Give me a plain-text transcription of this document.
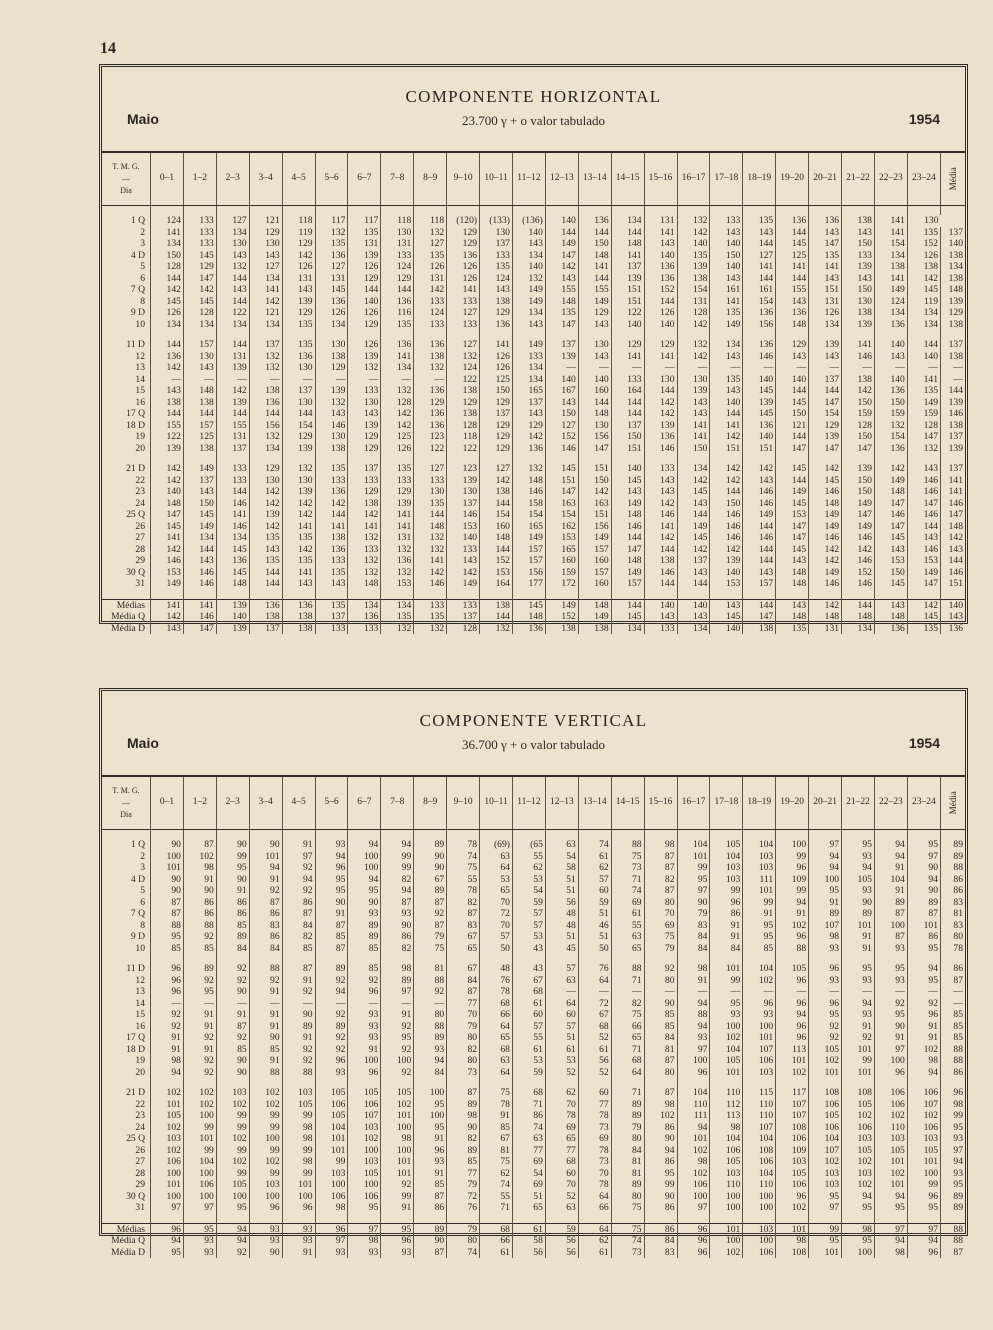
14
COMPONENTE HORIZONTAL
23.700 γ + o valor tabulado
Maio	1954
T. M. G.
—
Dia	0–1	1–2	2–3	3–4	4–5	5–6	6–7	7–8	8–9	9–10	10–11	11–12	12–13	13–14	14–15	15–16	16–17	17–18	18–19	19–20	20–21	21–22	22–23	23–24	Média

1 Q	124	133	127	121	118	117	117	118	118	(120)	(133)	(136)	140	136	134	131	132	133	135	136	136	138	141	130	
2	141	133	134	129	119	132	135	130	132	129	130	140	144	144	144	141	142	143	143	144	143	143	141	135	137
3	134	133	130	130	129	135	131	131	127	129	137	143	149	150	148	143	140	140	144	145	147	150	154	152	140
4 D	150	145	143	143	142	136	139	133	135	136	133	134	147	148	141	140	135	150	127	125	135	133	134	126	138
5	128	129	132	127	126	127	126	124	126	126	135	140	142	141	137	136	139	140	141	141	141	139	138	138	134
6	144	147	144	134	131	131	129	129	131	126	124	132	143	144	139	136	138	143	144	144	143	143	141	142	138
7 Q	142	142	143	141	143	145	144	144	142	141	143	149	155	155	151	152	154	161	161	155	151	150	149	145	148
8	145	145	144	142	139	136	140	136	133	133	138	149	148	149	151	144	131	141	154	143	131	130	124	119	139
9 D	126	128	122	121	129	126	126	116	124	127	129	134	135	129	122	126	128	135	136	136	126	138	134	134	129
10	134	134	134	134	135	134	129	135	133	133	136	143	147	143	140	140	142	149	156	148	134	139	136	134	138

11 D	144	157	144	137	135	130	126	136	136	127	141	149	137	130	129	129	132	134	136	129	139	141	140	144	137
12	136	130	131	132	136	138	139	141	138	132	126	133	139	143	141	141	142	143	146	143	143	146	143	140	138
13	142	143	139	132	130	129	132	134	132	124	126	134	—	—	—	—	—	—	—	—	—	—	—	—	—
14	—	—	—	—	—	—	—	—	—	122	125	134	140	140	133	130	130	135	140	140	137	138	140	141	—
15	143	148	142	138	137	139	133	132	136	138	150	165	167	160	164	144	139	143	145	144	144	142	136	135	144
16	138	138	139	136	130	132	130	128	129	129	129	137	143	144	144	142	143	140	139	145	147	150	150	149	139
17 Q	144	144	144	144	144	143	143	142	136	138	137	143	150	148	144	142	143	144	145	150	154	159	159	159	146
18 D	155	157	155	156	154	146	139	142	136	128	129	129	127	130	137	139	141	141	136	121	129	128	132	128	138
19	122	125	131	132	129	130	129	125	123	118	129	142	152	156	150	136	141	142	140	144	139	150	154	147	137
20	139	138	137	134	139	138	129	126	122	122	129	136	146	147	151	146	150	151	151	147	147	147	136	132	139

21 D	142	149	133	129	132	135	137	135	127	123	127	132	145	151	140	133	134	142	142	145	142	139	142	143	137
22	142	137	133	130	130	133	133	133	133	139	142	148	151	150	145	143	142	142	143	144	145	150	149	146	141
23	140	143	144	142	139	136	129	129	130	130	138	146	147	142	143	143	145	144	146	149	146	150	148	146	141
24	148	150	146	142	142	142	138	139	135	137	144	158	163	163	149	142	143	150	146	145	148	149	147	147	146
25 Q	147	145	141	139	142	144	142	141	144	146	154	154	154	151	148	146	144	146	149	153	149	147	146	146	147
26	145	149	146	142	141	141	141	141	148	153	160	165	162	156	146	141	149	146	144	147	149	149	147	144	148
27	141	134	134	135	135	138	132	131	132	140	148	149	153	149	144	142	145	146	146	147	146	146	145	143	142
28	142	144	145	143	142	136	133	132	132	133	144	157	165	157	147	144	142	142	144	145	142	142	143	146	143
29	146	143	136	135	135	133	132	136	141	143	152	157	160	160	148	138	137	139	144	143	142	146	153	153	144
30 Q	153	146	145	144	141	135	132	132	142	142	153	156	159	157	149	146	143	140	143	148	149	152	150	149	146
31	149	146	148	144	143	143	148	153	146	149	164	177	172	160	157	144	144	153	157	148	146	146	145	147	151

Médias	141	141	139	136	136	135	134	134	133	133	138	145	149	148	144	140	140	143	144	143	142	144	143	142	140
Média Q	142	146	140	138	138	137	136	135	135	137	144	148	152	149	145	143	143	145	147	148	148	148	148	145	143
Média D	143	147	139	137	138	133	133	132	132	128	132	136	138	138	134	133	134	140	138	135	131	134	136	135	136
COMPONENTE VERTICAL
36.700 γ + o valor tabulado
Maio	1954
T. M. G.
—
Dia	0–1	1–2	2–3	3–4	4–5	5–6	6–7	7–8	8–9	9–10	10–11	11–12	12–13	13–14	14–15	15–16	16–17	17–18	18–19	19–20	20–21	21–22	22–23	23–24	Média

1 Q	90	87	90	90	91	93	94	94	89	78	(69)	(65	63	74	88	98	104	105	104	100	97	95	94	95	89
2	100	102	99	101	97	94	100	99	90	74	63	55	54	61	75	87	101	104	103	99	94	93	94	97	89
3	101	98	95	94	92	96	100	99	90	75	64	62	58	62	73	87	99	103	103	96	94	94	91	90	88
4 D	90	91	90	91	94	95	94	82	67	55	53	53	51	57	71	82	95	103	111	109	100	105	104	94	86
5	90	90	91	92	92	95	95	94	89	78	65	54	51	60	74	87	97	99	101	99	95	93	91	90	86
6	87	86	86	87	86	90	90	87	87	82	70	59	56	59	69	80	90	96	99	94	91	90	89	89	83
7 Q	87	86	86	86	87	91	93	93	92	87	72	57	48	51	61	70	79	86	91	91	89	89	87	87	81
8	88	88	85	83	84	87	89	90	87	83	70	57	48	46	55	69	83	91	95	102	107	101	100	101	83
9 D	95	92	89	86	82	85	89	86	79	67	57	53	51	51	63	75	84	91	95	96	98	91	87	86	80
10	85	85	84	84	85	87	85	82	75	65	50	43	45	50	65	79	84	84	85	88	93	91	93	95	78

11 D	96	89	92	88	87	89	85	98	81	67	48	43	57	76	88	92	98	101	104	105	96	95	95	94	86
12	96	92	92	92	91	92	92	89	88	84	76	67	63	64	71	80	91	99	102	96	93	93	93	95	87
13	96	95	90	91	92	94	96	97	92	87	78	68	—	—	—	—	—	—	—	—	—	—	—	—	—
14	—	—	—	—	—	—	—	—	—	77	68	61	64	72	82	90	94	95	96	96	96	94	92	92	—
15	92	91	91	91	90	92	93	91	80	70	66	60	60	67	75	85	88	93	93	94	95	93	95	96	85
16	92	91	87	91	89	89	93	92	88	79	64	57	57	68	66	85	94	100	100	96	92	91	90	91	85
17 Q	91	92	92	90	91	92	93	95	89	80	65	55	51	52	65	84	93	102	101	96	92	92	91	91	85
18 D	91	91	85	85	92	92	91	92	93	82	68	61	61	61	71	81	97	104	107	113	105	101	97	102	88
19	98	92	90	91	92	96	100	100	94	80	63	53	53	56	68	87	100	105	106	101	102	99	100	98	88
20	94	92	90	88	88	93	96	92	84	73	64	59	52	52	64	80	96	101	103	102	101	101	96	94	86

21 D	102	102	103	102	103	105	105	105	100	87	75	68	62	60	71	87	104	110	115	117	108	108	106	106	96
22	101	102	102	102	105	106	106	102	95	89	78	71	70	77	89	98	110	112	110	107	106	105	106	107	98
23	105	100	99	99	99	105	107	101	100	98	91	86	78	78	89	102	111	113	110	107	105	102	102	102	99
24	102	99	99	99	98	104	103	100	95	90	85	74	69	73	79	86	94	98	107	108	106	106	110	106	95
25 Q	103	101	102	100	98	101	102	98	91	82	67	63	65	69	80	90	101	104	104	106	104	103	103	103	93
26	102	99	99	99	99	101	100	100	96	89	81	77	77	78	84	94	102	106	108	109	107	105	105	105	97
27	106	104	102	102	98	99	103	101	93	85	75	69	68	73	81	86	98	105	106	103	102	102	101	101	94
28	100	100	99	99	99	103	105	101	91	77	62	54	60	70	81	95	102	103	104	105	103	103	102	100	93
29	101	106	105	103	101	100	100	92	85	79	74	69	70	78	89	99	106	110	110	106	103	102	101	99	95
30 Q	100	100	100	100	100	106	106	99	87	72	55	51	52	64	80	90	100	100	100	96	95	94	94	96	89
31	97	97	95	96	96	98	95	91	86	76	71	65	63	66	75	86	97	100	100	102	97	95	95	95	89

Médias	96	95	94	93	93	96	97	95	89	79	68	61	59	64	75	86	96	101	103	101	99	98	97	97	88
Média Q	94	93	94	93	93	97	98	96	90	80	66	58	56	62	74	84	96	100	100	98	95	95	94	94	88
Média D	95	93	92	90	91	93	93	93	87	74	61	56	56	61	73	83	96	102	106	108	101	100	98	96	87
